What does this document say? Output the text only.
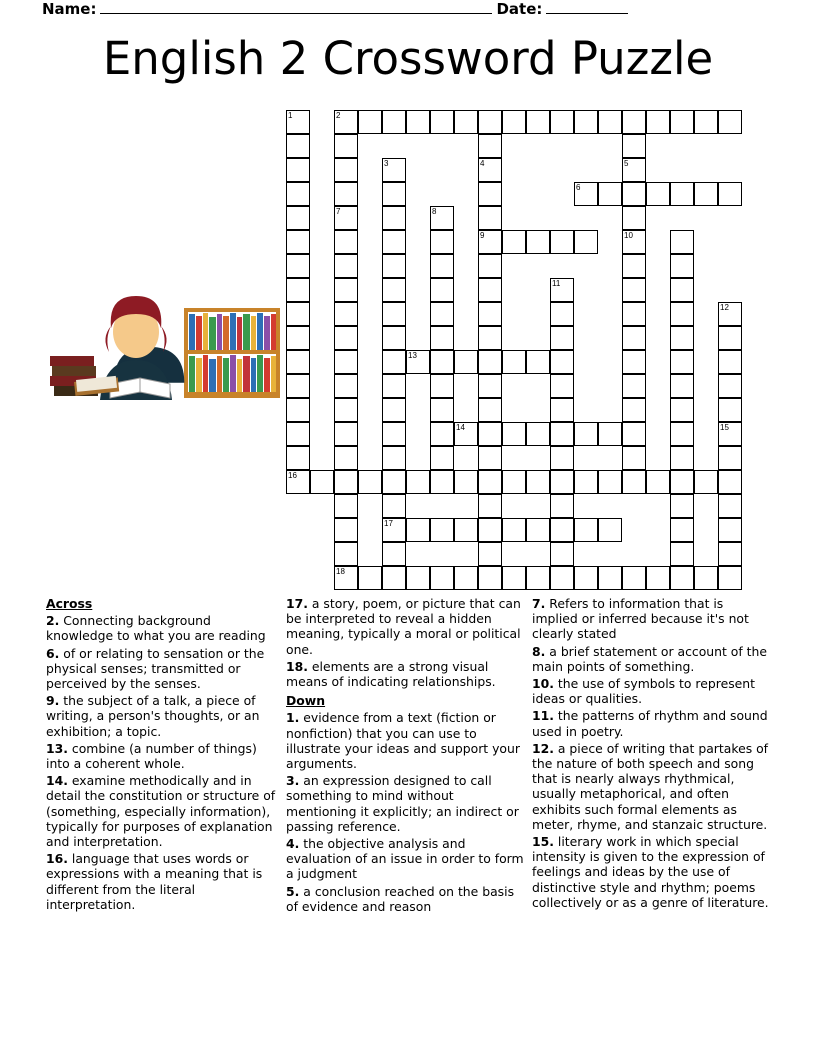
Name:	Date:
English 2 Crossword Puzzle
1	2
3	4	5
6
7	8
9	10
11
12
13
14	15
16
17
18
Across
2. Connecting background knowledge to what you are reading
6. of or relating to sensation or the physical senses; transmitted or perceived by the senses.
9. the subject of a talk, a piece of writing, a person's thoughts, or an exhibition; a topic.
13. combine (a number of things) into a coherent whole.
14. examine methodically and in detail the constitution or structure of (something, especially information), typically for purposes of explanation and interpretation.
16. language that uses words or expressions with a meaning that is different from the literal interpretation.
17. a story, poem, or picture that can be interpreted to reveal a hidden meaning, typically a moral or political one.
18. elements are a strong visual means of indicating relationships.
Down
1. evidence from a text (fiction or nonfiction) that you can use to illustrate your ideas and support your arguments.
3. an expression designed to call something to mind without mentioning it explicitly; an indirect or passing reference.
4. the objective analysis and evaluation of an issue in order to form a judgment
5. a conclusion reached on the basis of evidence and reason
7. Refers to information that is implied or inferred because it's not clearly stated
8. a brief statement or account of the main points of something.
10. the use of symbols to represent ideas or qualities.
11. the patterns of rhythm and sound used in poetry.
12. a piece of writing that partakes of the nature of both speech and song that is nearly always rhythmical, usually metaphorical, and often exhibits such formal elements as meter, rhyme, and stanzaic structure.
15. literary work in which special intensity is given to the expression of feelings and ideas by the use of distinctive style and rhythm; poems collectively or as a genre of literature.
